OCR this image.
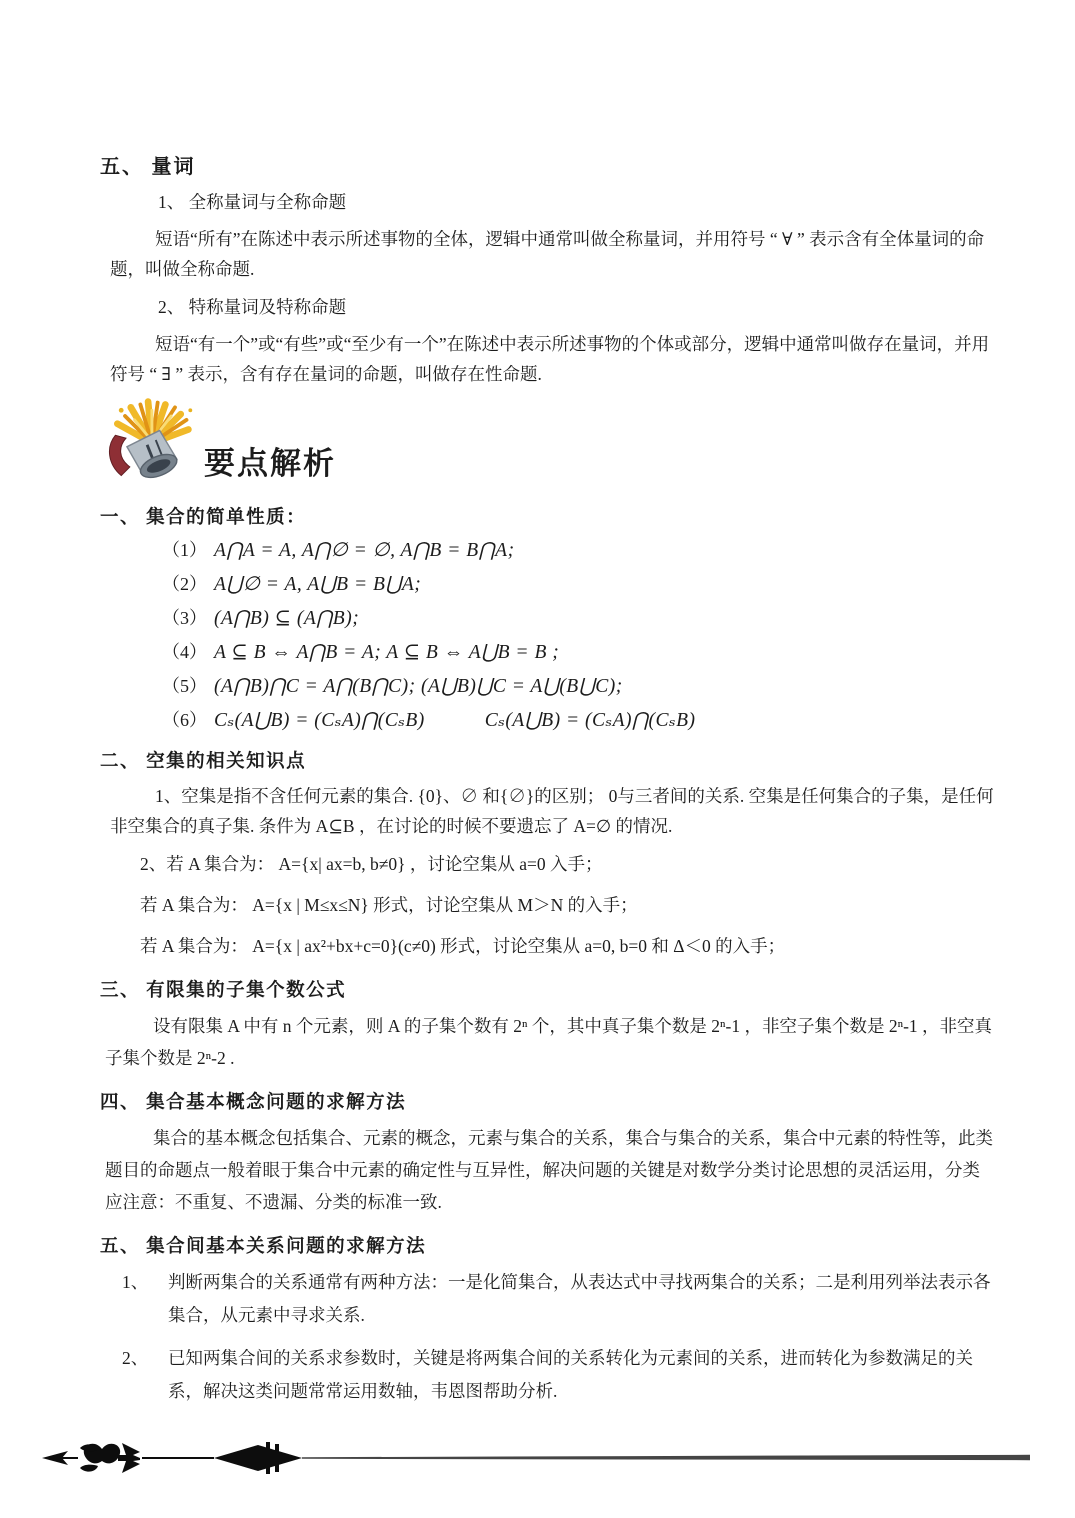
五、 量词

1、 全称量词与全称命题

短语“所有”在陈述中表示所述事物的全体，逻辑中通常叫做全称量词，并用符号 “ ∀ ” 表示含有全体量词的命题，叫做全称命题.

2、 特称量词及特称命题

短语“有一个”或“有些”或“至少有一个”在陈述中表示所述事物的个体或部分，逻辑中通常叫做存在量词，并用符号 “ ∃ ” 表示，含有存在量词的命题，叫做存在性命题.

要点解析
一、 集合的简单性质：
（1） A⋂A = A, A⋂∅ = ∅, A⋂B = B⋂A;
（2） A⋃∅ = A, A⋃B = B⋃A;
（3） (A⋂B) ⊆ (A⋂B);
（4） A ⊆ B ⇔ A⋂B = A; A ⊆ B ⇔ A⋃B = B ;
（5） (A⋂B)⋂C = A⋂(B⋂C); (A⋃B)⋃C = A⋃(B⋃C);
（6） Cₛ(A⋃B) = (CₛA)⋂(CₛB)　　　Cₛ(A⋃B) = (CₛA)⋂(CₛB)
二、 空集的相关知识点

1、空集是指不含任何元素的集合. {0}、∅ 和{∅}的区别； 0与三者间的关系. 空集是任何集合的子集，是任何非空集合的真子集. 条件为 A⊆B ，在讨论的时候不要遗忘了 A=∅ 的情况.

2、若 A 集合为： A={x| ax=b, b≠0} ，讨论空集从 a=0 入手；

若 A 集合为： A={x | M≤x≤N} 形式，讨论空集从 M＞N 的入手；

若 A 集合为： A={x | ax²+bx+c=0}(c≠0) 形式，讨论空集从 a=0, b=0 和 Δ＜0 的入手；

三、 有限集的子集个数公式

设有限集 A 中有 n 个元素，则 A 的子集个数有 2ⁿ 个，其中真子集个数是 2ⁿ-1 ，非空子集个数是 2ⁿ-1 ，非空真子集个数是 2ⁿ-2 .

四、 集合基本概念问题的求解方法

集合的基本概念包括集合、元素的概念，元素与集合的关系，集合与集合的关系，集合中元素的特性等，此类题目的命题点一般着眼于集合中元素的确定性与互异性，解决问题的关键是对数学分类讨论思想的灵活运用，分类应注意：不重复、不遗漏、分类的标准一致.

五、 集合间基本关系问题的求解方法
1、	判断两集合的关系通常有两种方法：一是化简集合，从表达式中寻找两集合的关系；二是利用列举法表示各集合，从元素中寻求关系.
2、	已知两集合间的关系求参数时，关键是将两集合间的关系转化为元素间的关系，进而转化为参数满足的关系，解决这类问题常常运用数轴，韦恩图帮助分析.
